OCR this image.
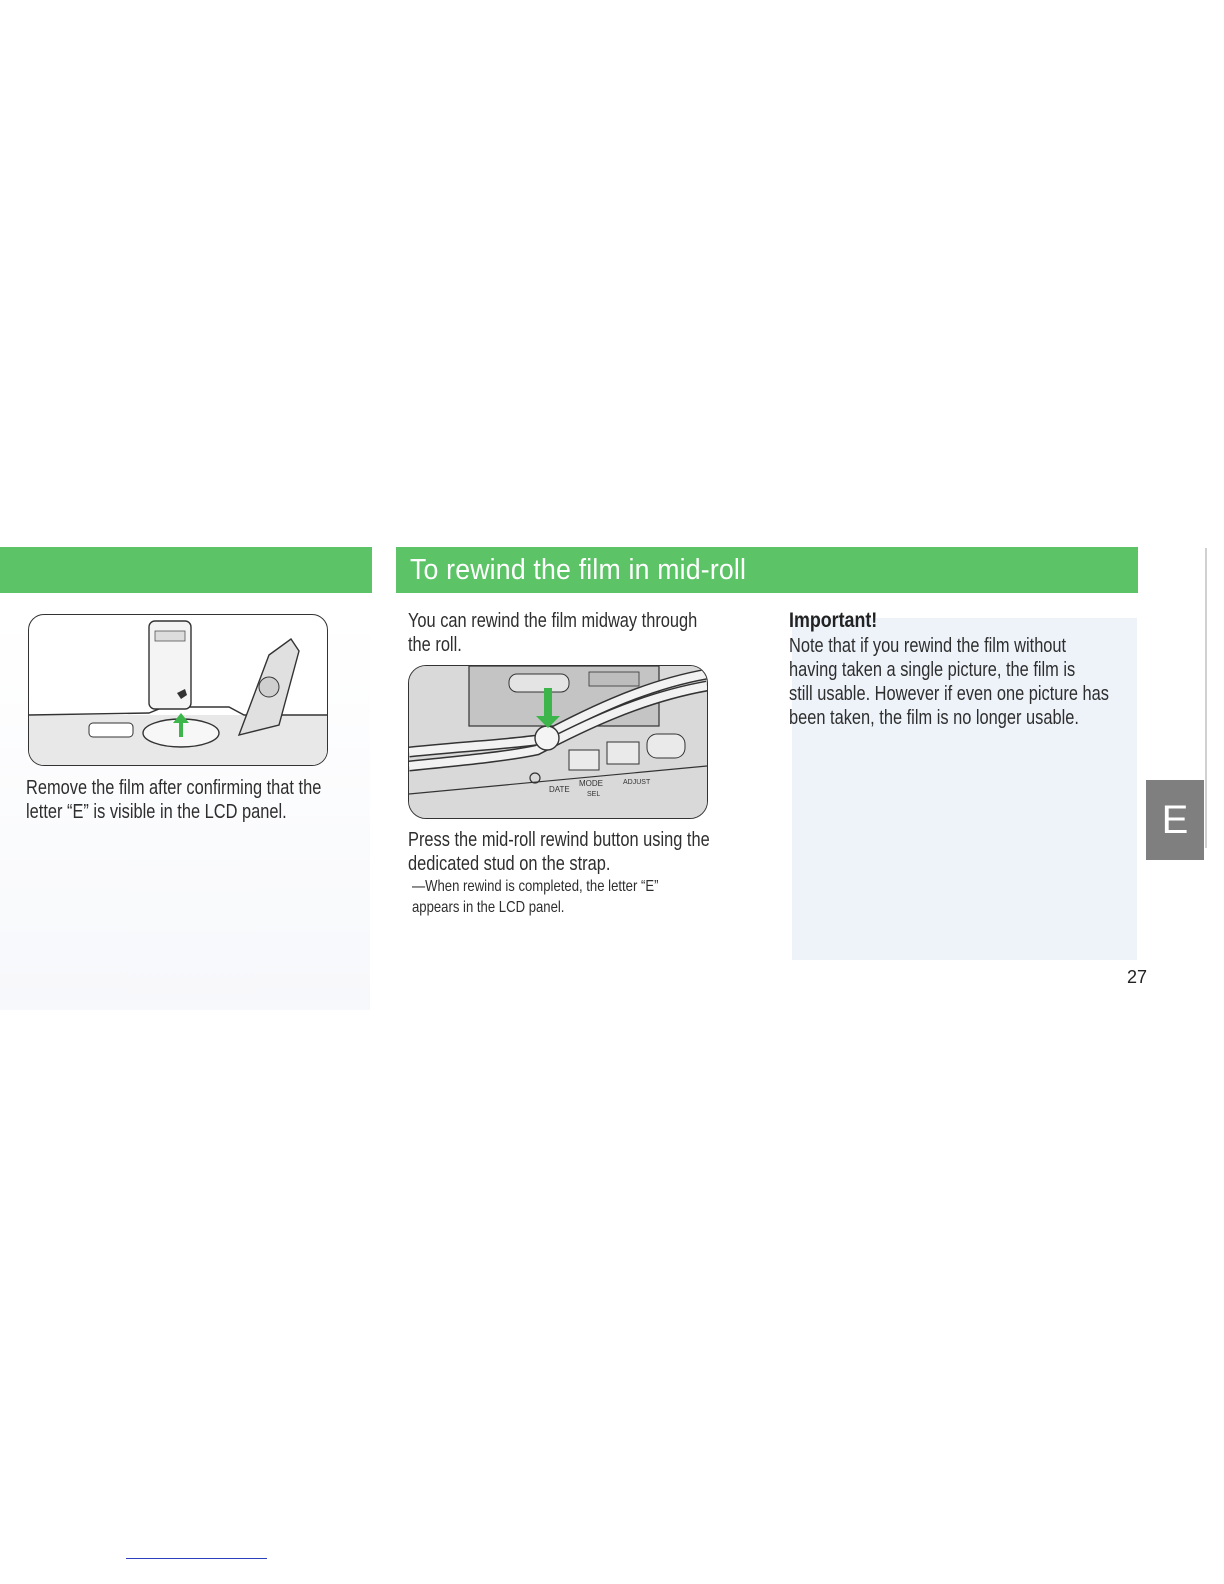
To rewind the film in mid-roll

Remove the film after confirming that the
letter “E” is visible in the LCD panel.

You can rewind the film midway through
the roll.

DATE
MODE
SEL
ADJUST

Press the mid-roll rewind button using the
dedicated stud on the strap.

—When rewind is completed, the letter “E”
appears in the LCD panel.

Important!

Note that if you rewind the film without
having taken a single picture, the film is
still usable. However if even one picture has
been taken, the film is no longer usable.

E
27
